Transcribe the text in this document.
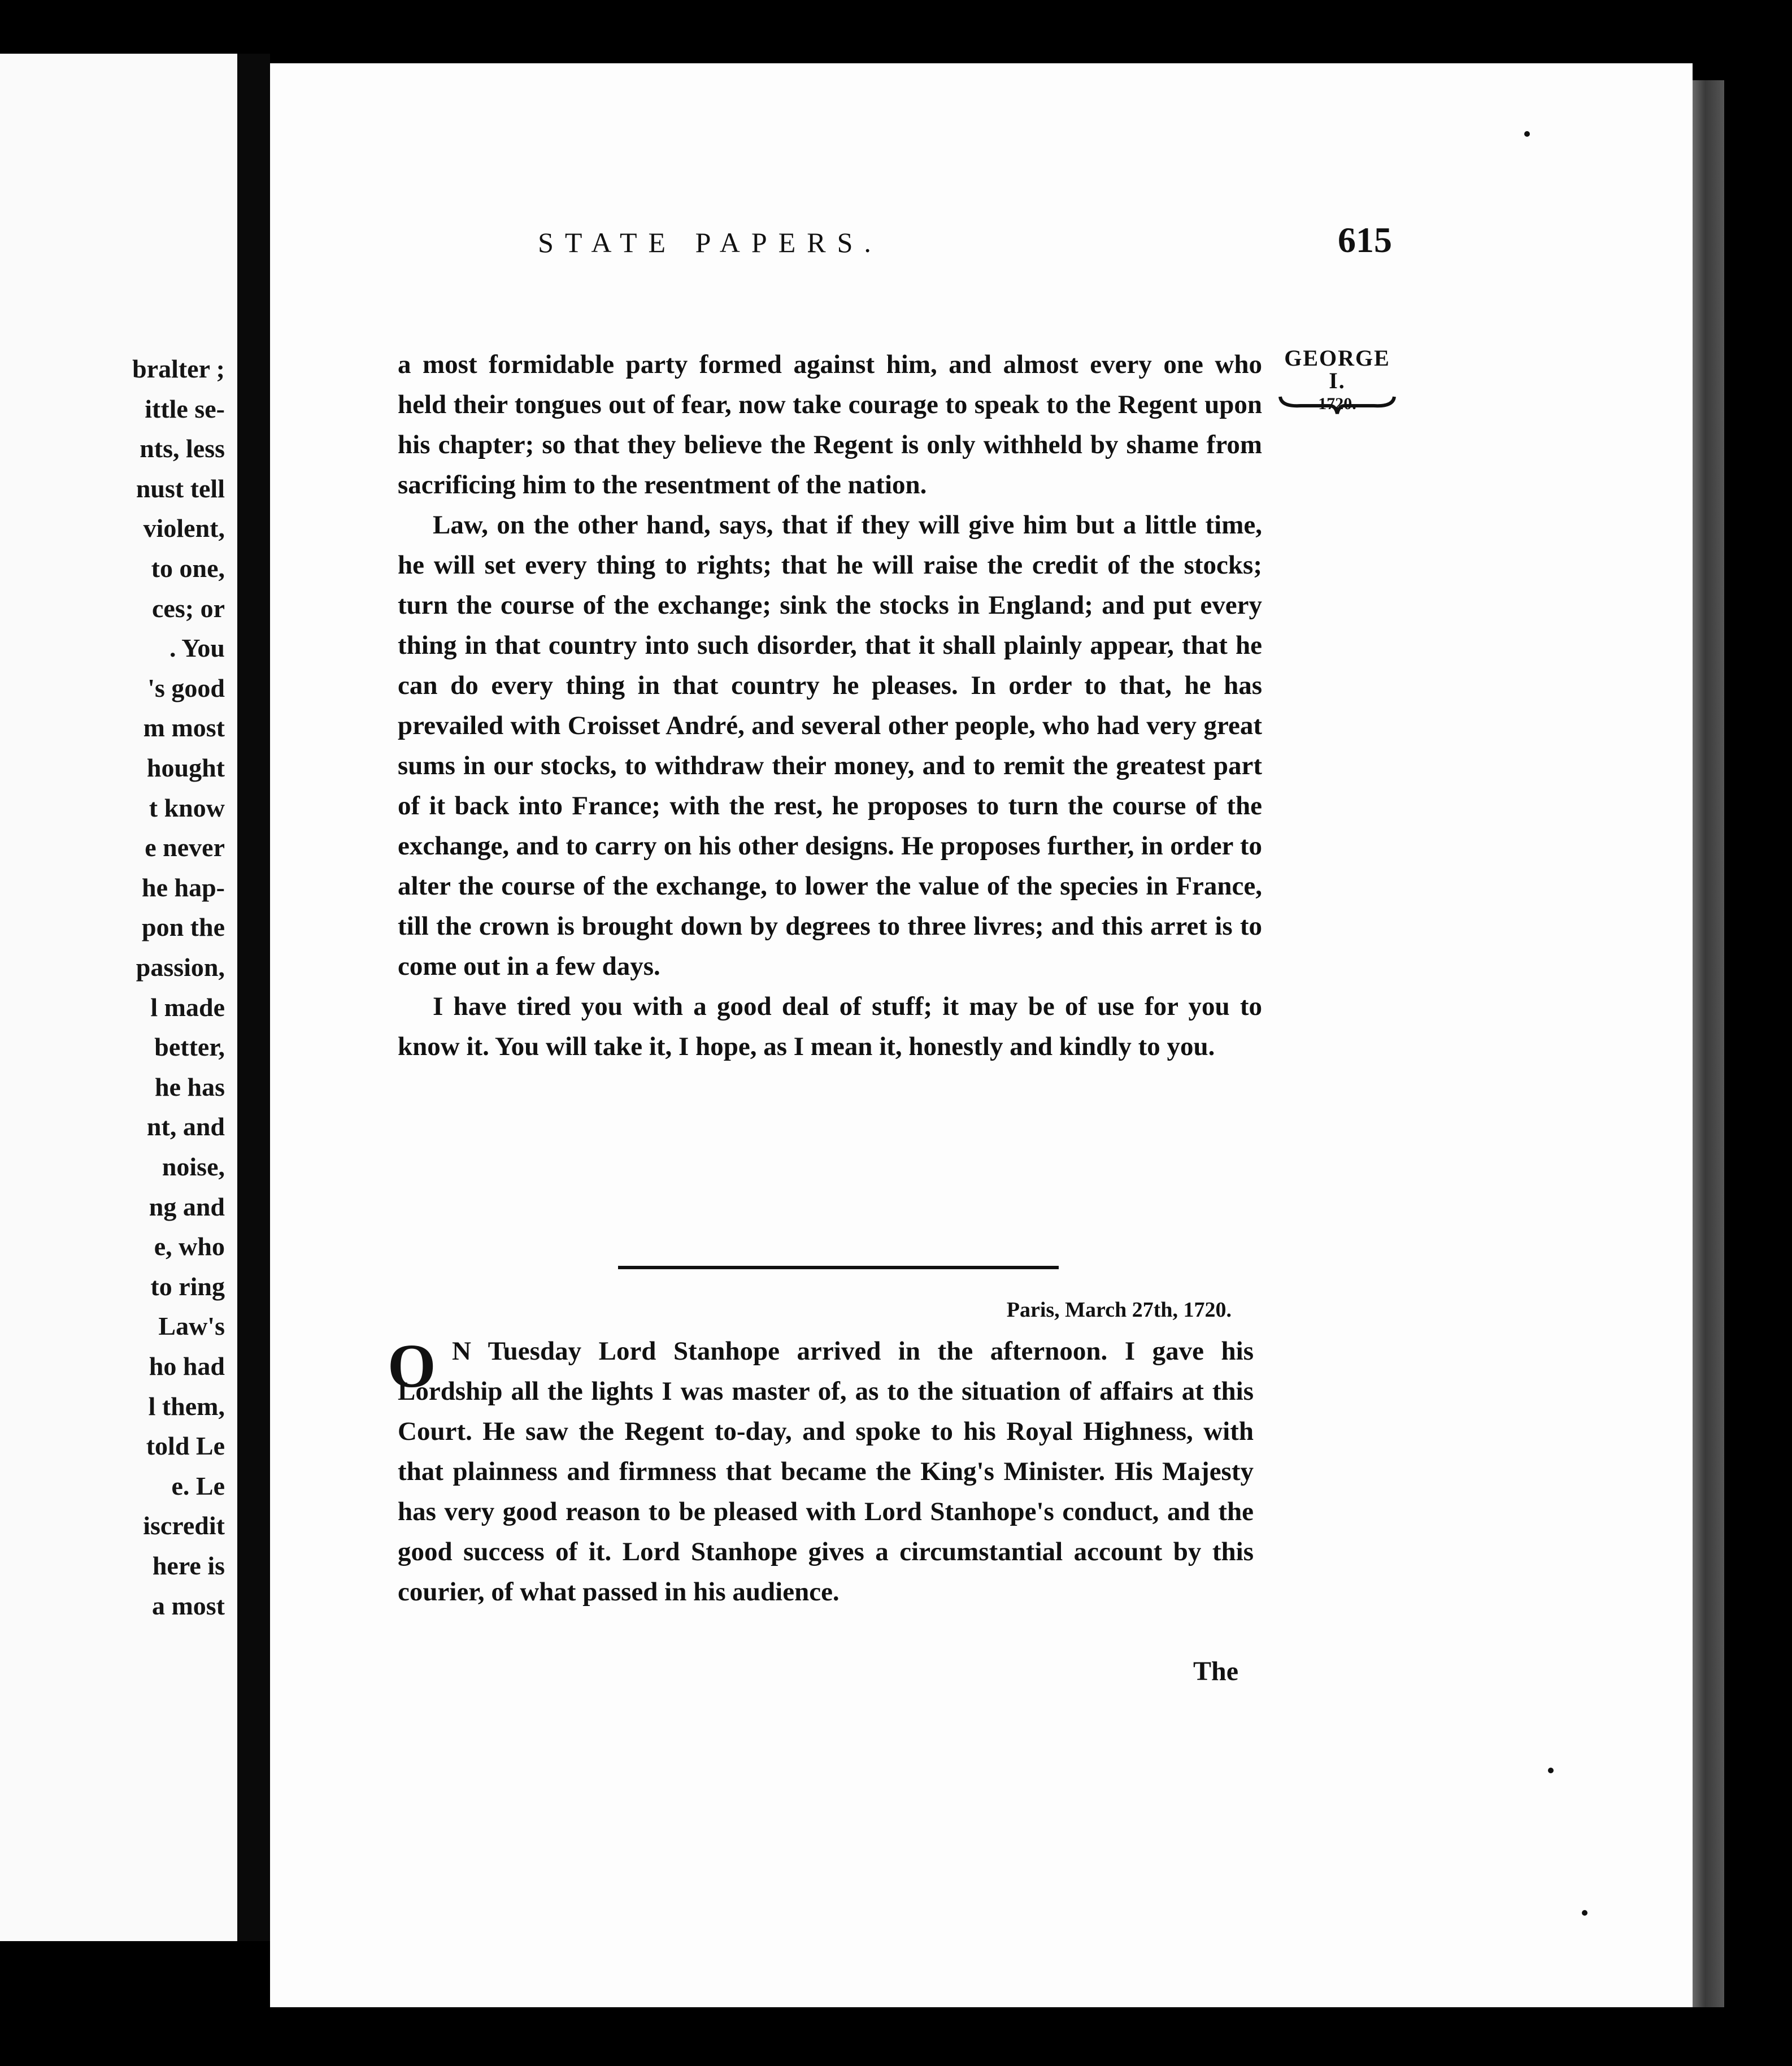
bralter ;
ittle se-
nts, less
nust tell
violent,
to one,
ces; or
. You
's good
m most
hought
t know
e never
he hap-
pon the
passion,
l made
better,
he has
nt, and
noise,
ng and
e, who
to ring
Law's
ho had
l them,
told Le
e. Le
iscredit
here is
a most
STATE PAPERS.	615
GEORGE I.
1720.

a most formidable party formed against him, and almost every one who held their tongues out of fear, now take courage to speak to the Regent upon his chapter; so that they believe the Regent is only withheld by shame from sacrificing him to the resentment of the nation.

Law, on the other hand, says, that if they will give him but a little time, he will set every thing to rights; that he will raise the credit of the stocks; turn the course of the exchange; sink the stocks in England; and put every thing in that country into such disorder, that it shall plainly appear, that he can do every thing in that country he pleases. In order to that, he has prevailed with Croisset André, and several other people, who had very great sums in our stocks, to withdraw their money, and to remit the greatest part of it back into France; with the rest, he proposes to turn the course of the exchange, and to carry on his other designs. He proposes further, in order to alter the course of the exchange, to lower the value of the species in France, till the crown is brought down by degrees to three livres; and this arret is to come out in a few days.

I have tired you with a good deal of stuff; it may be of use for you to know it. You will take it, I hope, as I mean it, honestly and kindly to you.

Paris, March 27th, 1720.
O N Tuesday Lord Stanhope arrived in the afternoon. I gave his Lordship all the lights I was master of, as to the situation of affairs at this Court. He saw the Regent to-day, and spoke to his Royal Highness, with that plainness and firmness that became the King's Minister. His Majesty has very good reason to be pleased with Lord Stanhope's conduct, and the good success of it. Lord Stanhope gives a circumstantial account by this courier, of what passed in his audience.

The
